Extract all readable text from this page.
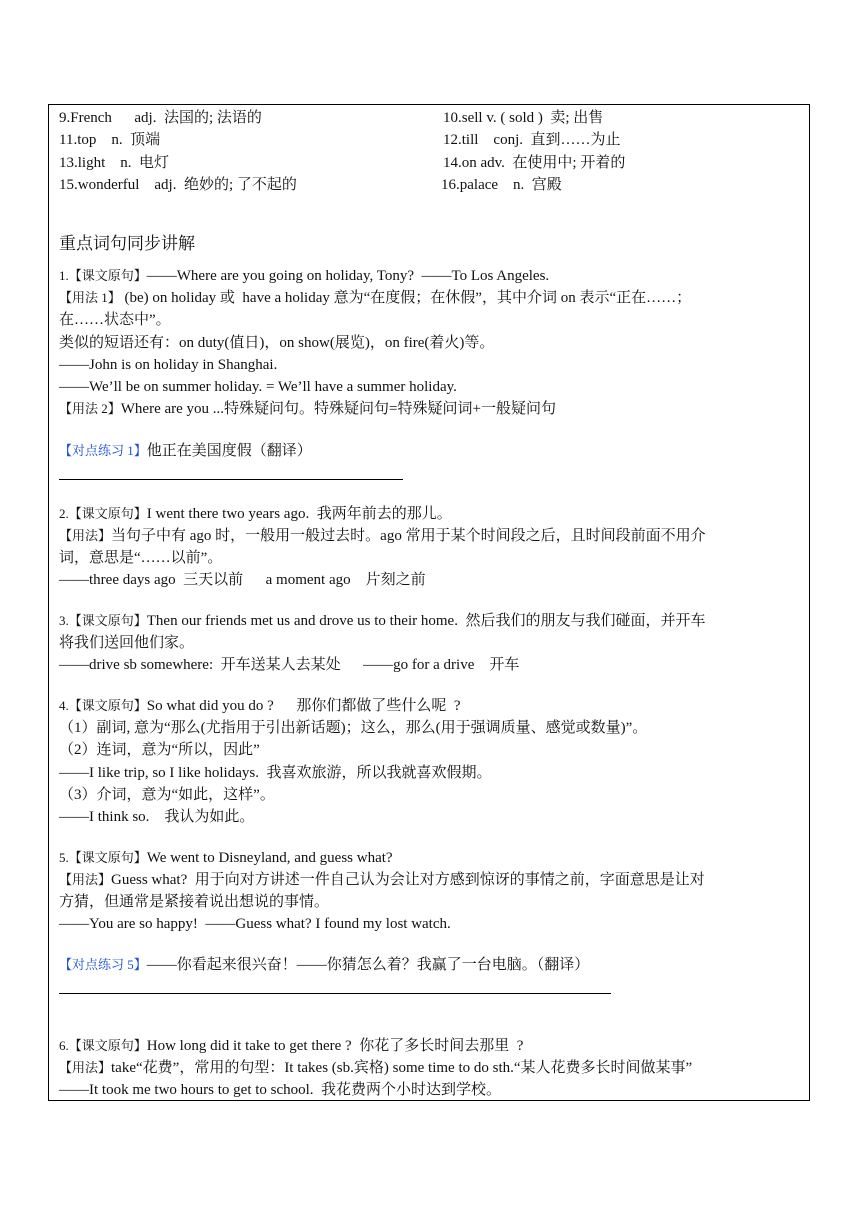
9.French      adj.  法国的; 法语的	10.sell v. ( sold )  卖; 出售
11.top    n.  顶端	12.till    conj.  直到……为止
13.light    n.  电灯	14.on adv.  在使用中; 开着的
15.wonderful    adj.  绝妙的; 了不起的	16.palace    n.  宫殿
重点词句同步讲解
1.【课文原句】——Where are you going on holiday, Tony?  ——To Los Angeles.
【用法 1】 (be) on holiday 或  have a holiday 意为“在度假；在休假”，其中介词 on 表示“正在……；
在……状态中”。
类似的短语还有：on duty(值日)，on show(展览)，on fire(着火)等。
——John is on holiday in Shanghai.
——We’ll be on summer holiday. = We’ll have a summer holiday.
【用法 2】Where are you ...特殊疑问句。特殊疑问句=特殊疑问词+一般疑问句
【对点练习 1】他正在美国度假（翻译）
2.【课文原句】I went there two years ago.  我两年前去的那儿。
【用法】当句子中有 ago 时，一般用一般过去时。ago 常用于某个时间段之后，且时间段前面不用介
词，意思是“……以前”。
——three days ago  三天以前      a moment ago    片刻之前
3.【课文原句】Then our friends met us and drove us to their home.  然后我们的朋友与我们碰面，并开车
将我们送回他们家。
——drive sb somewhere:  开车送某人去某处      ——go for a drive    开车
4.【课文原句】So what did you do ?      那你们都做了些什么呢  ?
（1）副词, 意为“那么(尤指用于引出新话题)；这么，那么(用于强调质量、感觉或数量)”。
（2）连词，意为“所以，因此”
——I like trip, so I like holidays.  我喜欢旅游，所以我就喜欢假期。
（3）介词，意为“如此，这样”。
——I think so.    我认为如此。
5.【课文原句】We went to Disneyland, and guess what?
【用法】Guess what?  用于向对方讲述一件自己认为会让对方感到惊讶的事情之前，字面意思是让对
方猜，但通常是紧接着说出想说的事情。
——You are so happy!  ——Guess what? I found my lost watch.
【对点练习 5】——你看起来很兴奋！——你猜怎么着？我赢了一台电脑。（翻译）
6.【课文原句】How long did it take to get there ?  你花了多长时间去那里  ?
【用法】take“花费”，常用的句型：It takes (sb.宾格) some time to do sth.“某人花费多长时间做某事”
——It took me two hours to get to school.  我花费两个小时达到学校。
